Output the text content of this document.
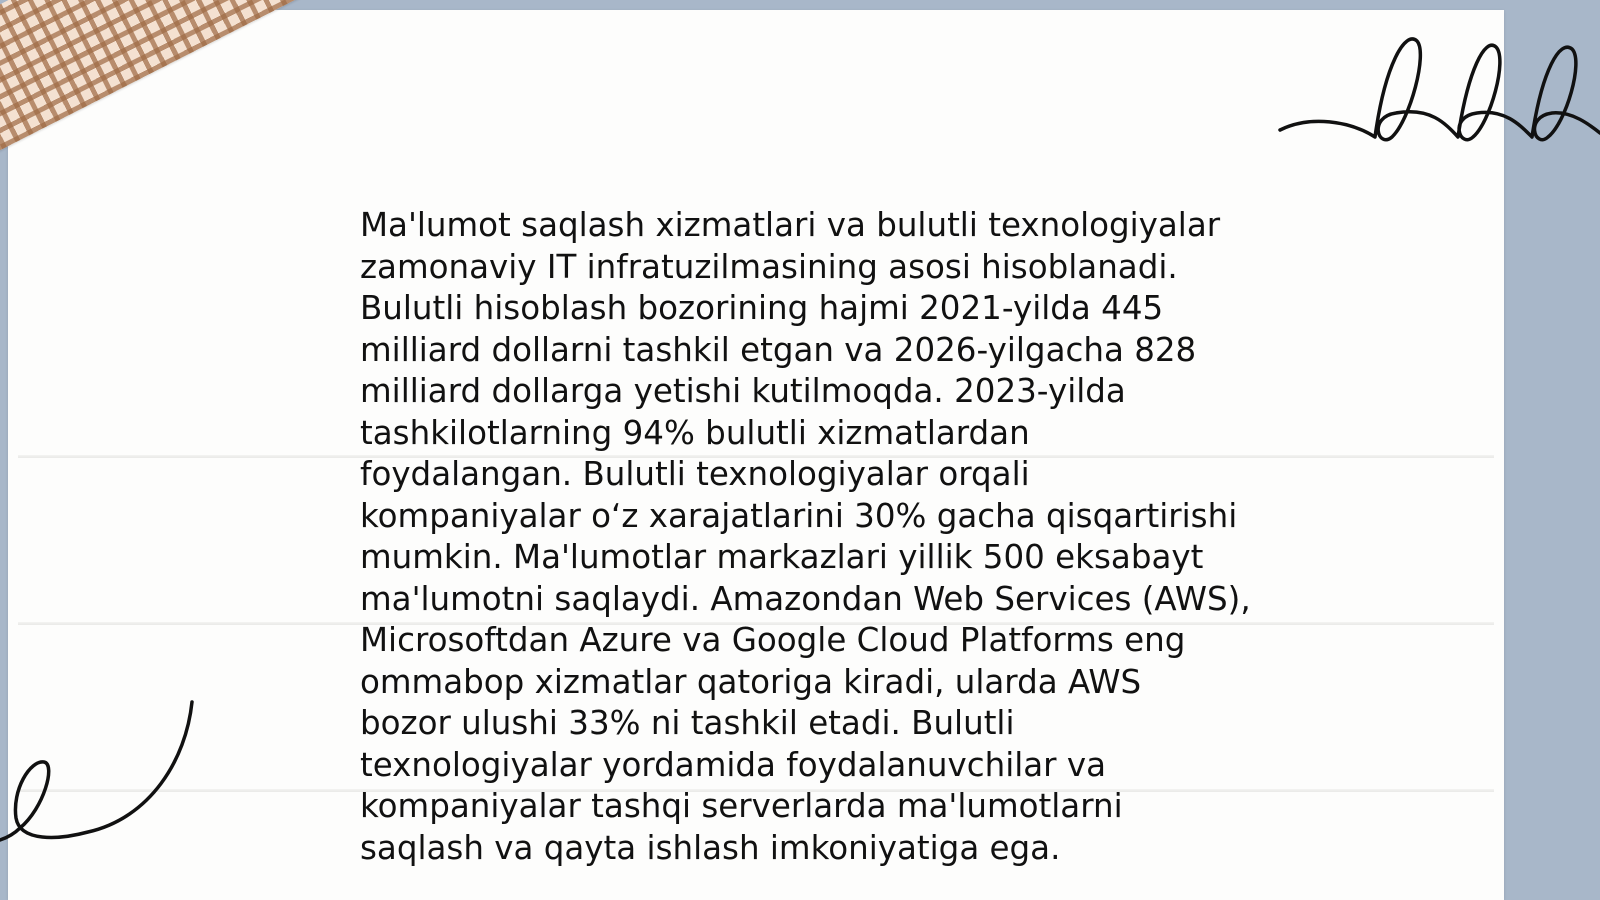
Ma'lumot saqlash xizmatlari va bulutli texnologiyalar
zamonaviy IT infratuzilmasining asosi hisoblanadi.
Bulutli hisoblash bozorining hajmi 2021-yilda 445
milliard dollarni tashkil etgan va 2026-yilgacha 828
milliard dollarga yetishi kutilmoqda. 2023-yilda
tashkilotlarning 94% bulutli xizmatlardan
foydalangan. Bulutli texnologiyalar orqali
kompaniyalar o‘z xarajatlarini 30% gacha qisqartirishi
mumkin. Ma'lumotlar markazlari yillik 500 eksabayt
ma'lumotni saqlaydi. Amazondan Web Services (AWS),
Microsoftdan Azure va Google Cloud Platforms eng
ommabop xizmatlar qatoriga kiradi, ularda AWS
bozor ulushi 33% ni tashkil etadi. Bulutli
texnologiyalar yordamida foydalanuvchilar va
kompaniyalar tashqi serverlarda ma'lumotlarni
saqlash va qayta ishlash imkoniyatiga ega.
